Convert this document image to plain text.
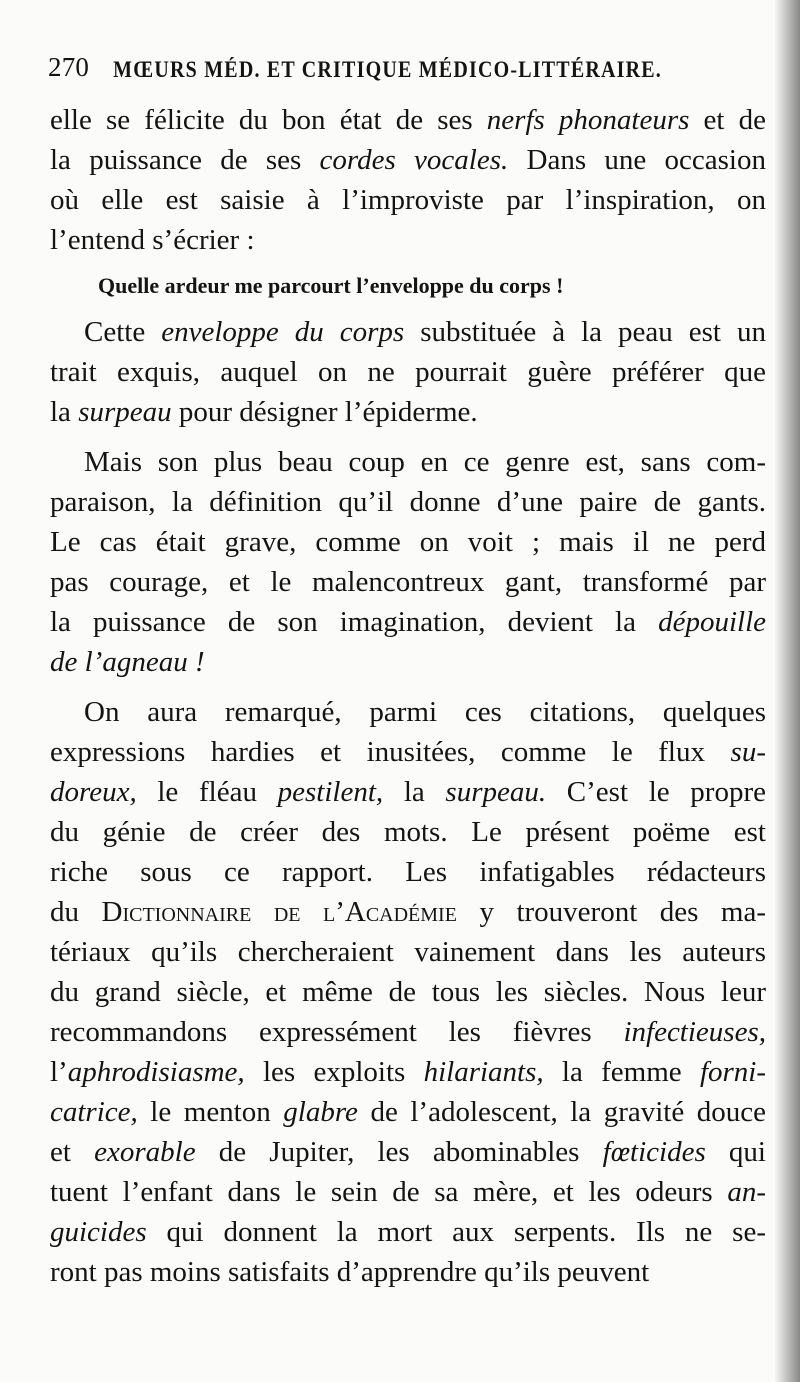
270 MŒURS MÉD. ET CRITIQUE MÉDICO-LITTÉRAIRE.
elle se félicite du bon état de ses nerfs phonateurs et de
la puissance de ses cordes vocales. Dans une occasion
où elle est saisie à l’improviste par l’inspiration, on
l’entend s’écrier :
Quelle ardeur me parcourt l’enveloppe du corps !
Cette enveloppe du corps substituée à la peau est un
trait exquis, auquel on ne pourrait guère préférer que
la surpeau pour désigner l’épiderme.
Mais son plus beau coup en ce genre est, sans com-
paraison, la définition qu’il donne d’une paire de gants.
Le cas était grave, comme on voit ; mais il ne perd
pas courage, et le malencontreux gant, transformé par
la puissance de son imagination, devient la dépouille
de l’agneau !
On aura remarqué, parmi ces citations, quelques
expressions hardies et inusitées, comme le flux su-
doreux, le fléau pestilent, la surpeau. C’est le propre
du génie de créer des mots. Le présent poëme est
riche sous ce rapport. Les infatigables rédacteurs
du Dictionnaire de l’Académie y trouveront des ma-
tériaux qu’ils chercheraient vainement dans les auteurs
du grand siècle, et même de tous les siècles. Nous leur
recommandons expressément les fièvres infectieuses,
l’aphrodisiasme, les exploits hilariants, la femme forni-
catrice, le menton glabre de l’adolescent, la gravité douce
et exorable de Jupiter, les abominables fœticides qui
tuent l’enfant dans le sein de sa mère, et les odeurs an-
guicides qui donnent la mort aux serpents. Ils ne se-
ront pas moins satisfaits d’apprendre qu’ils peuvent
